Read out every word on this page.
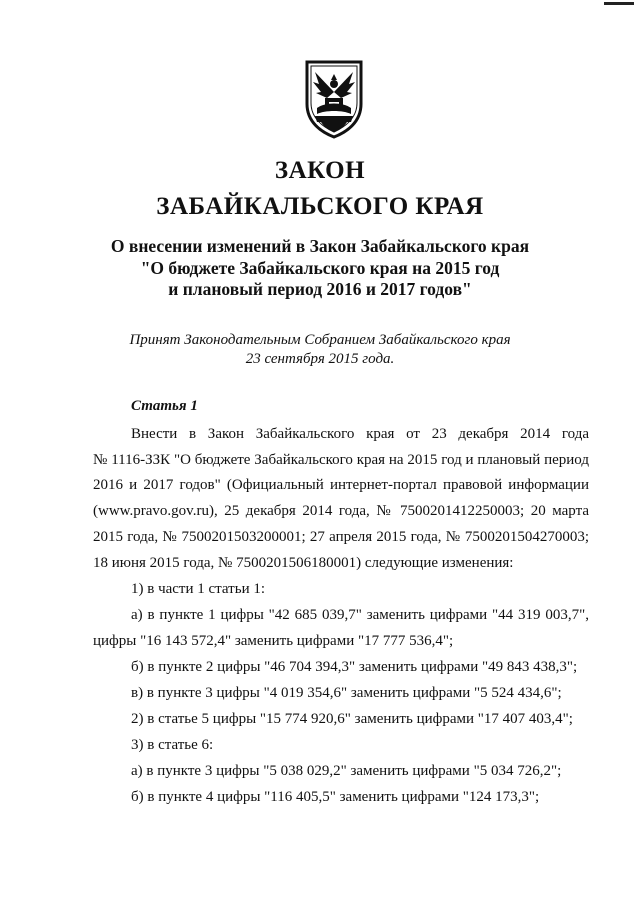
ЗАКОН
ЗАБАЙКАЛЬСКОГО КРАЯ
О внесении изменений в Закон Забайкальского края
"О бюджете Забайкальского края на 2015 год
и плановый период 2016 и 2017 годов"
Принят Законодательным Собранием Забайкальского края
23 сентября 2015 года.
Статья 1
Внести в Закон Забайкальского края от 23 декабря 2014 года
№ 1116-ЗЗК "О бюджете Забайкальского края на 2015 год и плановый период
2016 и 2017 годов" (Официальный интернет-портал правовой информации
(www.pravo.gov.ru), 25 декабря 2014 года, № 7500201412250003; 20 марта
2015 года, № 7500201503200001; 27 апреля 2015 года, № 7500201504270003;
18 июня 2015 года, № 7500201506180001) следующие изменения:
1) в части 1 статьи 1:
а) в пункте 1 цифры "42 685 039,7" заменить цифрами "44 319 003,7",
цифры "16 143 572,4" заменить цифрами "17 777 536,4";
б) в пункте 2 цифры "46 704 394,3" заменить цифрами "49 843 438,3";
в) в пункте 3 цифры "4 019 354,6" заменить цифрами "5 524 434,6";
2) в статье 5 цифры "15 774 920,6" заменить цифрами "17 407 403,4";
3) в статье 6:
а) в пункте 3 цифры "5 038 029,2" заменить цифрами "5 034 726,2";
б) в пункте 4 цифры "116 405,5" заменить цифрами "124 173,3";
